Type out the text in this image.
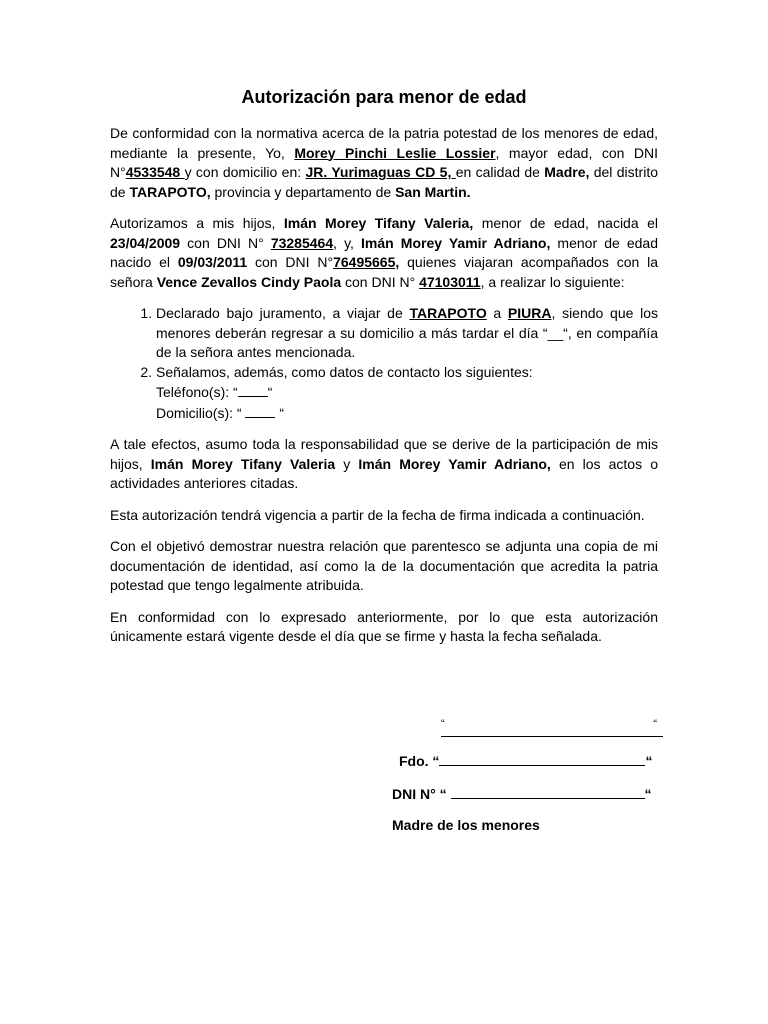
Autorización para menor de edad

De conformidad con la normativa acerca de la patria potestad de los menores de edad, mediante la presente, Yo, Morey Pinchi Leslie Lossier, mayor edad, con DNI N°4533548 y con domicilio en: JR. Yurimaguas CD 5, en calidad de Madre, del distrito de TARAPOTO, provincia y departamento de San Martin.

Autorizamos a mis hijos, Imán Morey Tifany Valeria, menor de edad, nacida el 23/04/2009 con DNI N° 73285464, y, Imán Morey Yamir Adriano, menor de edad nacido el 09/03/2011 con DNI N°76495665, quienes viajaran acompañados con la señora Vence Zevallos Cindy Paola con DNI N° 47103011, a realizar lo siguiente:

1. Declarado bajo juramento, a viajar de TARAPOTO a PIURA, siendo que los menores deberán regresar a su domicilio a más tardar el día “__“, en compañía de la señora antes mencionada.
2. Señalamos, además, como datos de contacto los siguientes:
Teléfono(s): “ “
Domicilio(s): “  “

A tale efectos, asumo toda la responsabilidad que se derive de la participación de mis hijos, Imán Morey Tifany Valeria y Imán Morey Yamir Adriano, en los actos o actividades anteriores citadas.

Esta autorización tendrá vigencia a partir de la fecha de firma indicada a continuación.

Con el objetivó demostrar nuestra relación que parentesco se adjunta una copia de mi documentación de identidad, así como la de la documentación que acredita la patria potestad que tengo legalmente atribuida.

En conformidad con lo expresado anteriormente, por lo que esta autorización únicamente estará vigente desde el día que se firme y hasta la fecha señalada.

“	“
Fdo. “	“
DNI N° “	“
Madre de los menores
